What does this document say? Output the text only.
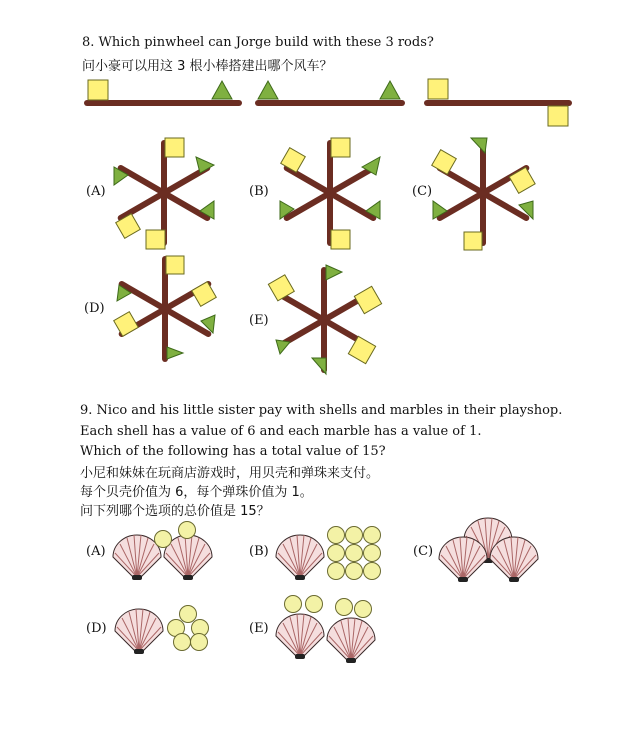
8. Which pinwheel can Jorge build with these 3 rods?
问小豪可以用这 3 根小棒搭建出哪个风车？
(A)	(B)	(C)
(D)
(E)
9. Nico and his little sister pay with shells and marbles in their playshop.
Each shell has a value of 6 and each marble has a value of 1.
Which of the following has a total value of 15?
小尼和妹妹在玩商店游戏时，用贝壳和弹珠来支付。
每个贝壳价值为 6，每个弹珠价值为 1。
问下列哪个选项的总价值是 15？
(A)	(B)	(C)
(D)	(E)
